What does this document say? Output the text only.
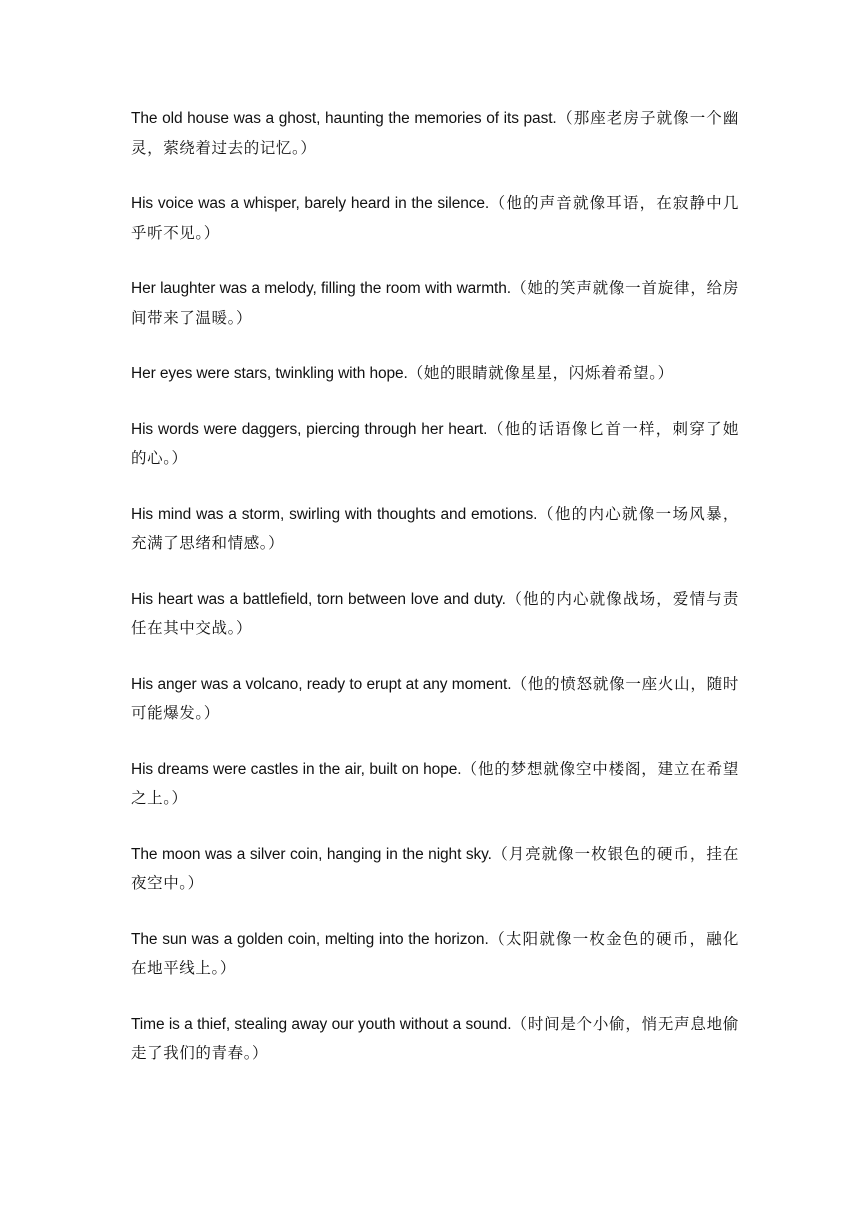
The old house was a ghost, haunting the memories of its past.（那座老房子就像一个幽灵，萦绕着过去的记忆。）

His voice was a whisper, barely heard in the silence.（他的声音就像耳语，在寂静中几乎听不见。）

Her laughter was a melody, filling the room with warmth.（她的笑声就像一首旋律，给房间带来了温暖。）

Her eyes were stars, twinkling with hope.（她的眼睛就像星星，闪烁着希望。）

His words were daggers, piercing through her heart.（他的话语像匕首一样，刺穿了她的心。）

His mind was a storm, swirling with thoughts and emotions.（他的内心就像一场风暴，充满了思绪和情感。）

His heart was a battlefield, torn between love and duty.（他的内心就像战场，爱情与责任在其中交战。）

His anger was a volcano, ready to erupt at any moment.（他的愤怒就像一座火山，随时可能爆发。）

His dreams were castles in the air, built on hope.（他的梦想就像空中楼阁，建立在希望之上。）

The moon was a silver coin, hanging in the night sky.（月亮就像一枚银色的硬币，挂在夜空中。）

The sun was a golden coin, melting into the horizon.（太阳就像一枚金色的硬币，融化在地平线上。）

Time is a thief, stealing away our youth without a sound.（时间是个小偷，悄无声息地偷走了我们的青春。）
